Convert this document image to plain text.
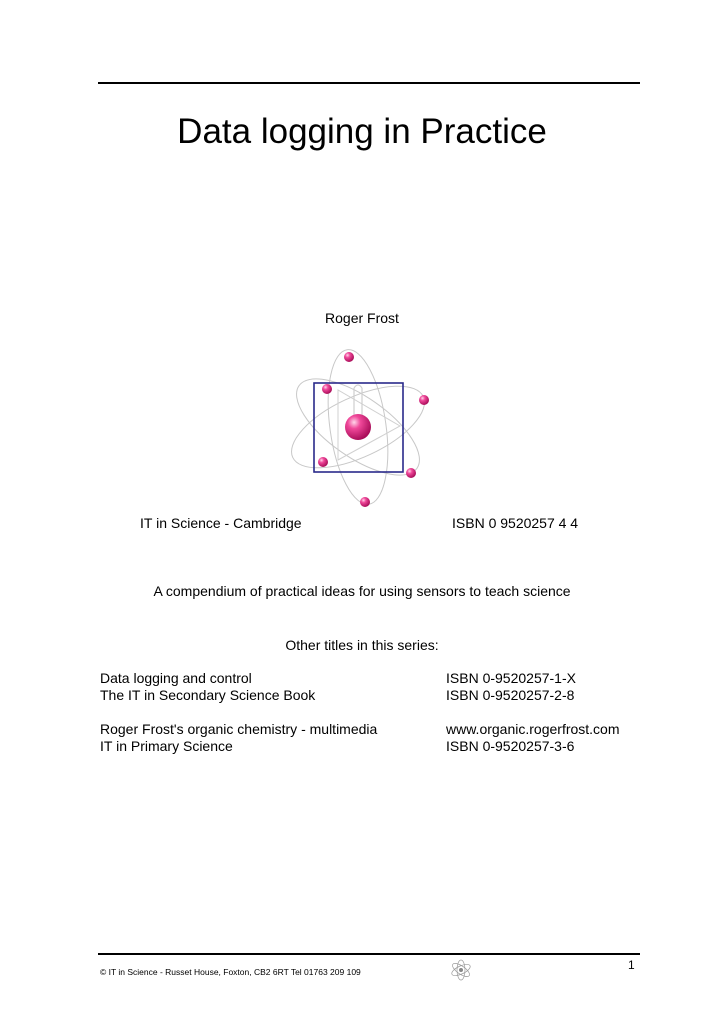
Data logging in Practice
Roger Frost
IT in Science - Cambridge	ISBN 0 9520257 4 4
A compendium of practical ideas for using sensors to teach science
Other titles in this series:
Data logging and control	ISBN 0-9520257-1-X
The IT in Secondary Science Book	ISBN 0-9520257-2-8
Roger Frost's organic chemistry - multimedia	www.organic.rogerfrost.com
IT in Primary Science	ISBN 0-9520257-3-6
1
© IT in Science - Russet House, Foxton, CB2 6RT Tel 01763 209 109
